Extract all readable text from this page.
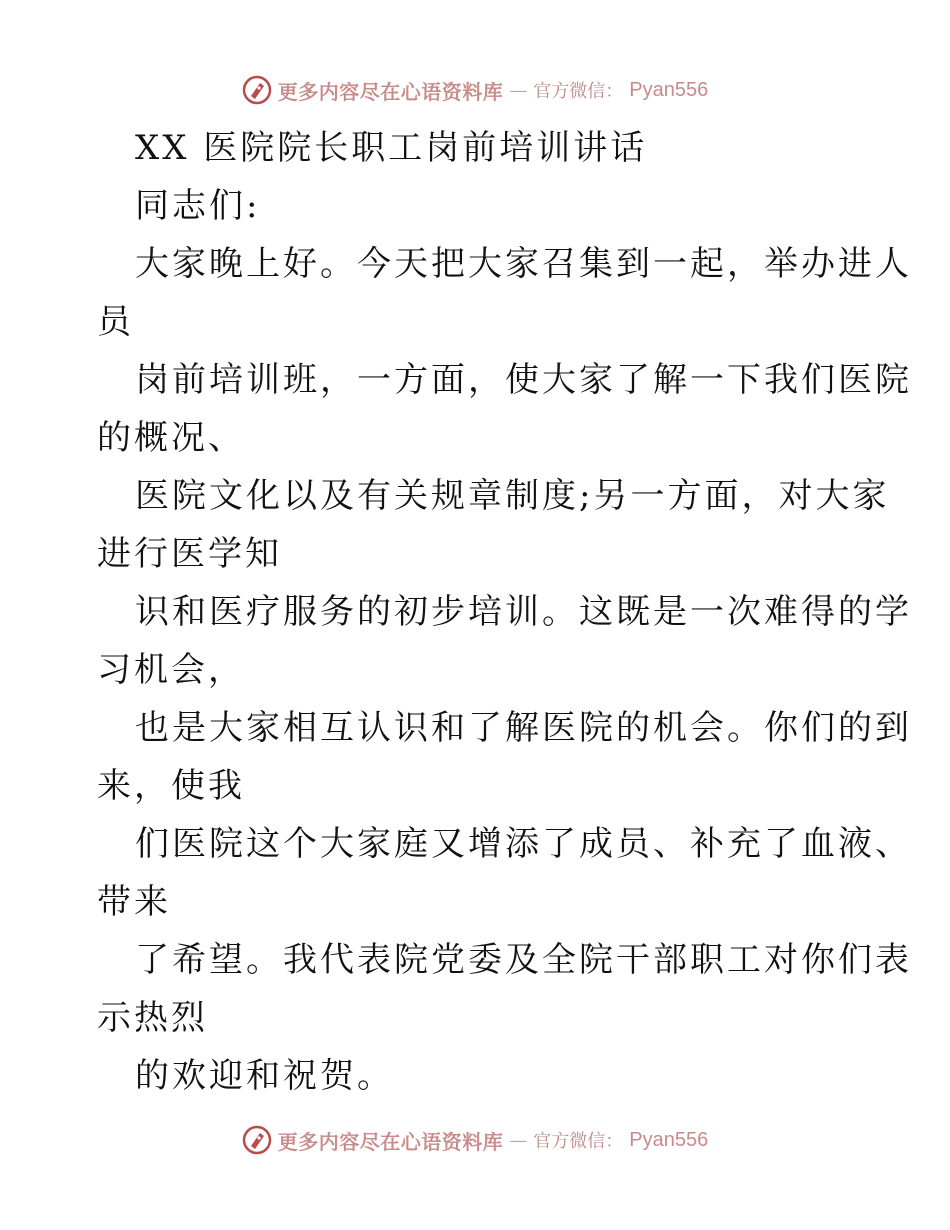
更多内容尽在心语资料库 — 官方微信： Pyan556
XX 医院院长职工岗前培训讲话
同志们:
大家晚上好。今天把大家召集到一起，举办进人
员
岗前培训班，一方面，使大家了解一下我们医院
的概况、
医院文化以及有关规章制度;另一方面，对大家
进行医学知
识和医疗服务的初步培训。这既是一次难得的学
习机会，
也是大家相互认识和了解医院的机会。你们的到
来，使我
们医院这个大家庭又增添了成员、补充了血液、
带来
了希望。我代表院党委及全院干部职工对你们表
示热烈
的欢迎和祝贺。
更多内容尽在心语资料库 — 官方微信： Pyan556
